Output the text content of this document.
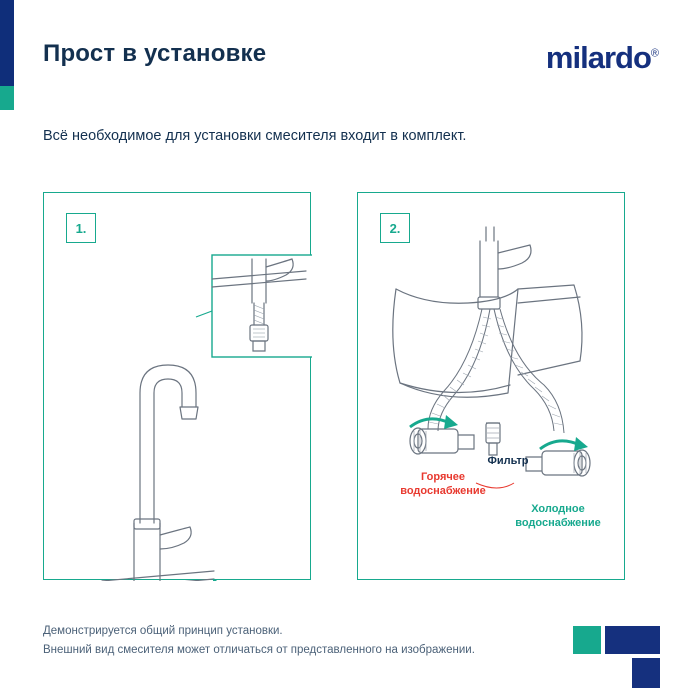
Прост в установке	milardo®
Всё необходимое для установки смесителя входит в комплект.
1.	2.
Фильтр
Горячее
водоснабжение
Холодное
водоснабжение
Демонстрируется общий принцип установки.
Внешний вид смесителя может отличаться от представленного на изображении.
